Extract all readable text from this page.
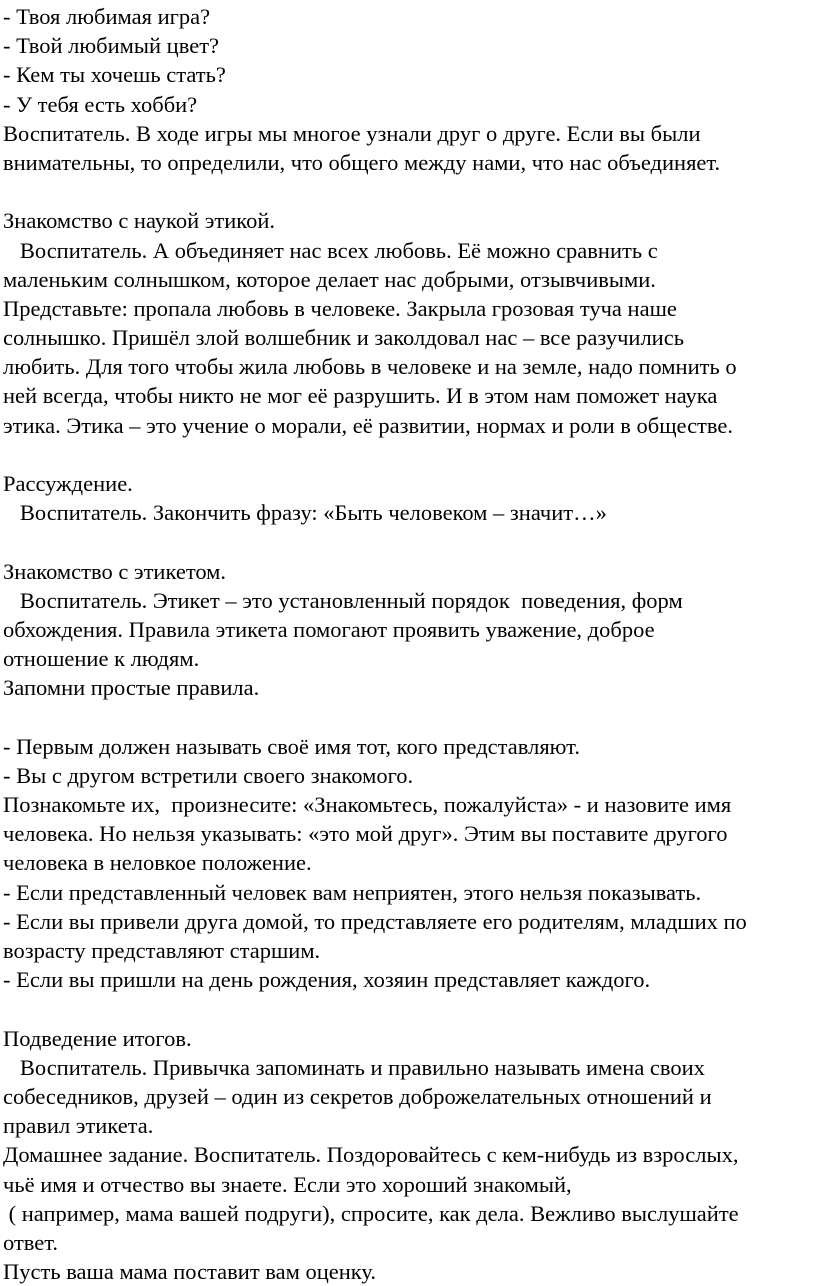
- Твоя любимая игра?
- Твой любимый цвет?
- Кем ты хочешь стать?
- У тебя есть хобби?
Воспитатель. В ходе игры мы многое узнали друг о друге. Если вы были
внимательны, то определили, что общего между нами, что нас объединяет.
Знакомство с наукой этикой.
Воспитатель. А объединяет нас всех любовь. Её можно сравнить с
маленьким солнышком, которое делает нас добрыми, отзывчивыми.
Представьте: пропала любовь в человеке. Закрыла грозовая туча наше
солнышко. Пришёл злой волшебник и заколдовал нас – все разучились
любить. Для того чтобы жила любовь в человеке и на земле, надо помнить о
ней всегда, чтобы никто не мог её разрушить. И в этом нам поможет наука
этика. Этика – это учение о морали, её развитии, нормах и роли в обществе.
Рассуждение.
Воспитатель. Закончить фразу: «Быть человеком – значит…»
Знакомство с этикетом.
Воспитатель. Этикет – это установленный порядок  поведения, форм
обхождения. Правила этикета помогают проявить уважение, доброе
отношение к людям.
Запомни простые правила.
- Первым должен называть своё имя тот, кого представляют.
- Вы с другом встретили своего знакомого.
Познакомьте их,  произнесите: «Знакомьтесь, пожалуйста» - и назовите имя
человека. Но нельзя указывать: «это мой друг». Этим вы поставите другого
человека в неловкое положение.
- Если представленный человек вам неприятен, этого нельзя показывать.
- Если вы привели друга домой, то представляете его родителям, младших по
возрасту представляют старшим.
- Если вы пришли на день рождения, хозяин представляет каждого.
Подведение итогов.
Воспитатель. Привычка запоминать и правильно называть имена своих
собеседников, друзей – один из секретов доброжелательных отношений и
правил этикета.
Домашнее задание. Воспитатель. Поздоровайтесь с кем-нибудь из взрослых,
чьё имя и отчество вы знаете. Если это хороший знакомый,
( например, мама вашей подруги), спросите, как дела. Вежливо выслушайте
ответ.
Пусть ваша мама поставит вам оценку.
